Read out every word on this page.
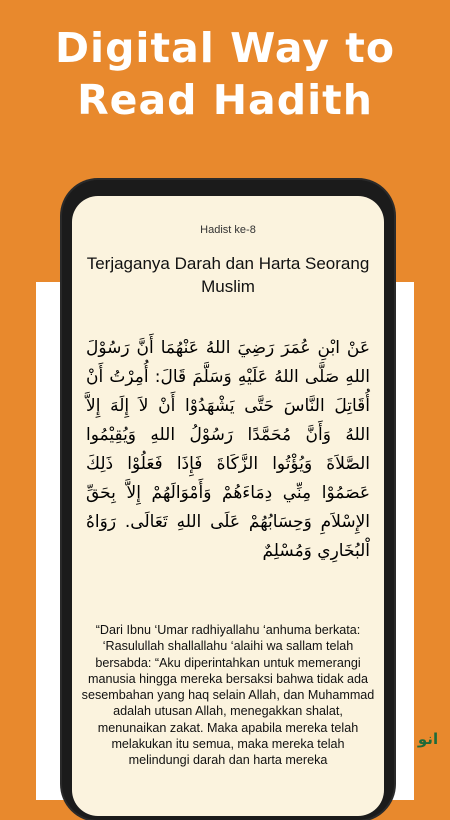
Digital Way to
Read Hadith
Hadist ke-8
Terjaganya Darah dan Harta Seorang Muslim
عَنْ ابْنِ عُمَرَ رَضِيَ اللهُ عَنْهُمَا أَنَّ رَسُوْلَ اللهِ صَلَّى اللهُ عَلَيْهِ وَسَلَّمَ قَالَ: أُمِرْتُ أَنْ أُقَاتِلَ النَّاسَ حَتَّى يَشْهَدُوْا أَنْ لاَ إِلَهَ إِلاَّ اللهُ وَأَنَّ مُحَمَّدًا رَسُوْلُ اللهِ وَيُقِيْمُوا الصَّلاَةَ وَيُؤْتُوا الزَّكَاةَ فَإِذَا فَعَلُوْا ذَلِكَ عَصَمُوْا مِنِّي دِمَاءَهُمْ وَأَمْوَالَهُمْ إِلاَّ بِحَقِّ الإِسْلاَمِ وَحِسَابُهُمْ عَلَى اللهِ تَعَالَى. رَوَاهُ اْلبُخَارِي وَمُسْلِمٌ
“Dari Ibnu ‘Umar radhiyallahu ‘anhuma berkata: ‘Rasulullah shallallahu ‘alaihi wa sallam telah bersabda: “Aku diperintahkan untuk memerangi manusia hingga mereka bersaksi bahwa tidak ada sesembahan yang haq selain Allah, dan Muhammad adalah utusan Allah, menegakkan shalat, menunaikan zakat. Maka apabila mereka telah melakukan itu semua, maka mereka telah melindungi darah dan harta mereka
ﺍﻧﻮ
